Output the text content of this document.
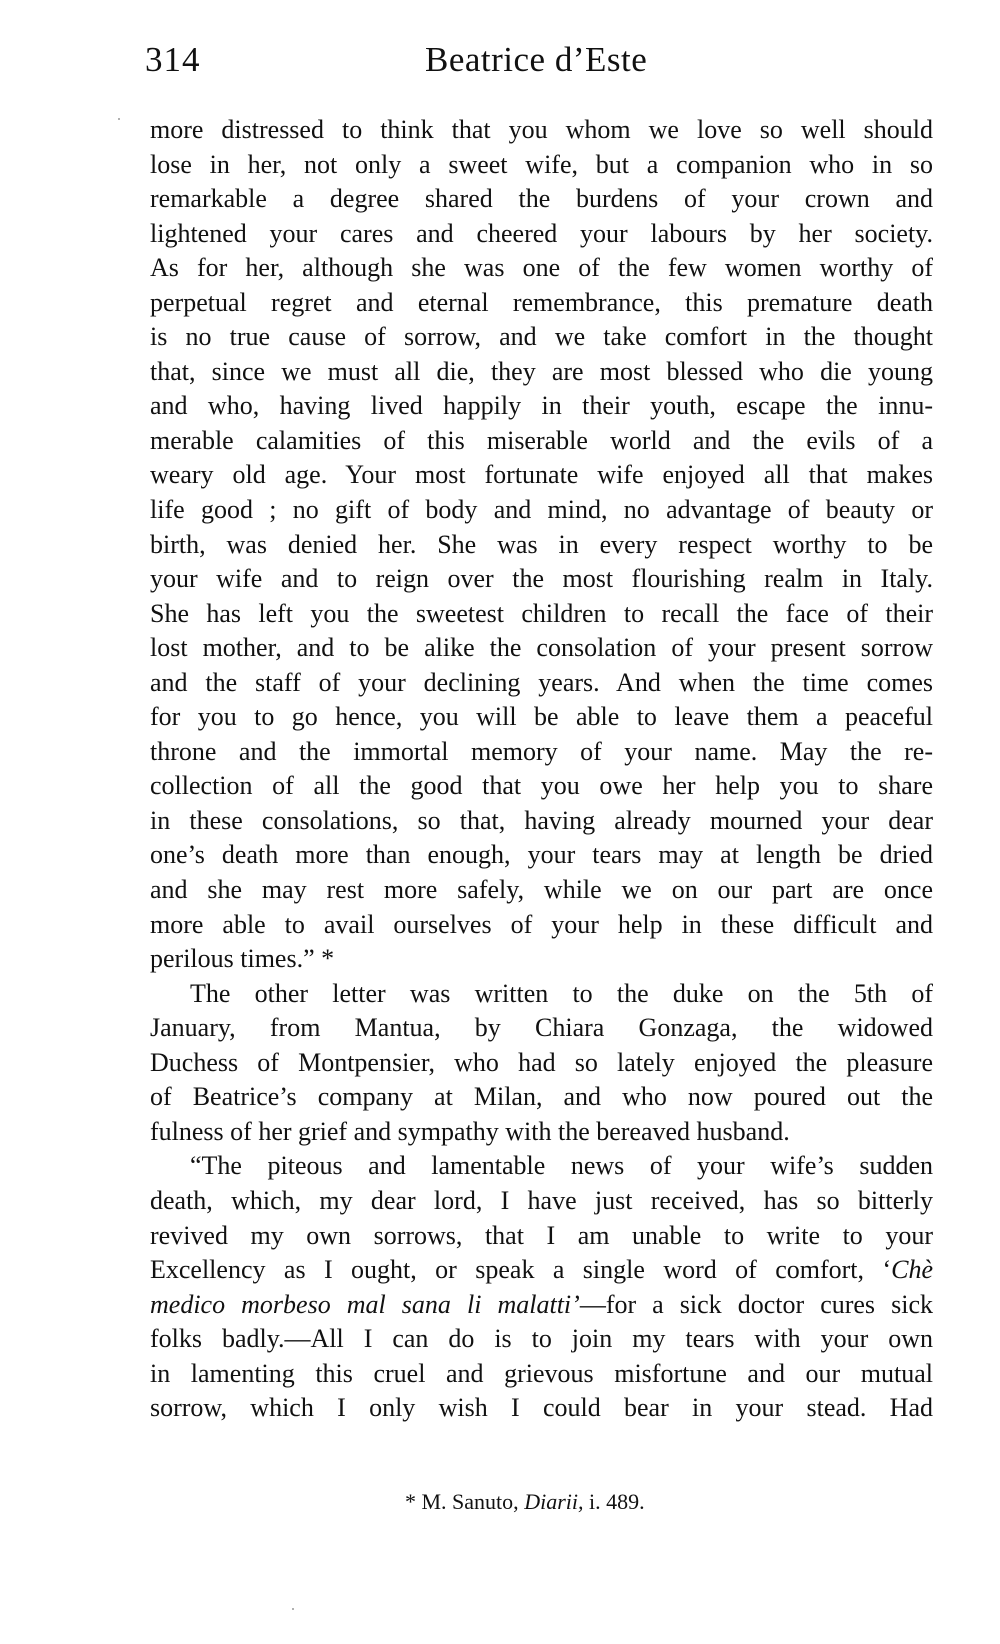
314	Beatrice d’Este
more distressed to think that you whom we love so well should
lose in her, not only a sweet wife, but a companion who in so
remarkable a degree shared the burdens of your crown and
lightened your cares and cheered your labours by her society.
As for her, although she was one of the few women worthy of
perpetual regret and eternal remembrance, this premature death
is no true cause of sorrow, and we take comfort in the thought
that, since we must all die, they are most blessed who die young
and who, having lived happily in their youth, escape the innu-
merable calamities of this miserable world and the evils of a
weary old age. Your most fortunate wife enjoyed all that makes
life good ; no gift of body and mind, no advantage of beauty or
birth, was denied her. She was in every respect worthy to be
your wife and to reign over the most flourishing realm in Italy.
She has left you the sweetest children to recall the face of their
lost mother, and to be alike the consolation of your present sorrow
and the staff of your declining years. And when the time comes
for you to go hence, you will be able to leave them a peaceful
throne and the immortal memory of your name. May the re-
collection of all the good that you owe her help you to share
in these consolations, so that, having already mourned your dear
one’s death more than enough, your tears may at length be dried
and she may rest more safely, while we on our part are once
more able to avail ourselves of your help in these difficult and
perilous times.” *
The other letter was written to the duke on the 5th of
January, from Mantua, by Chiara Gonzaga, the widowed
Duchess of Montpensier, who had so lately enjoyed the pleasure
of Beatrice’s company at Milan, and who now poured out the
fulness of her grief and sympathy with the bereaved husband.
“The piteous and lamentable news of your wife’s sudden
death, which, my dear lord, I have just received, has so bitterly
revived my own sorrows, that I am unable to write to your
Excellency as I ought, or speak a single word of comfort, ‘Chè
medico morbeso mal sana li malatti’—for a sick doctor cures sick
folks badly.—All I can do is to join my tears with your own
in lamenting this cruel and grievous misfortune and our mutual
sorrow, which I only wish I could bear in your stead. Had
* M. Sanuto, Diarii, i. 489.
